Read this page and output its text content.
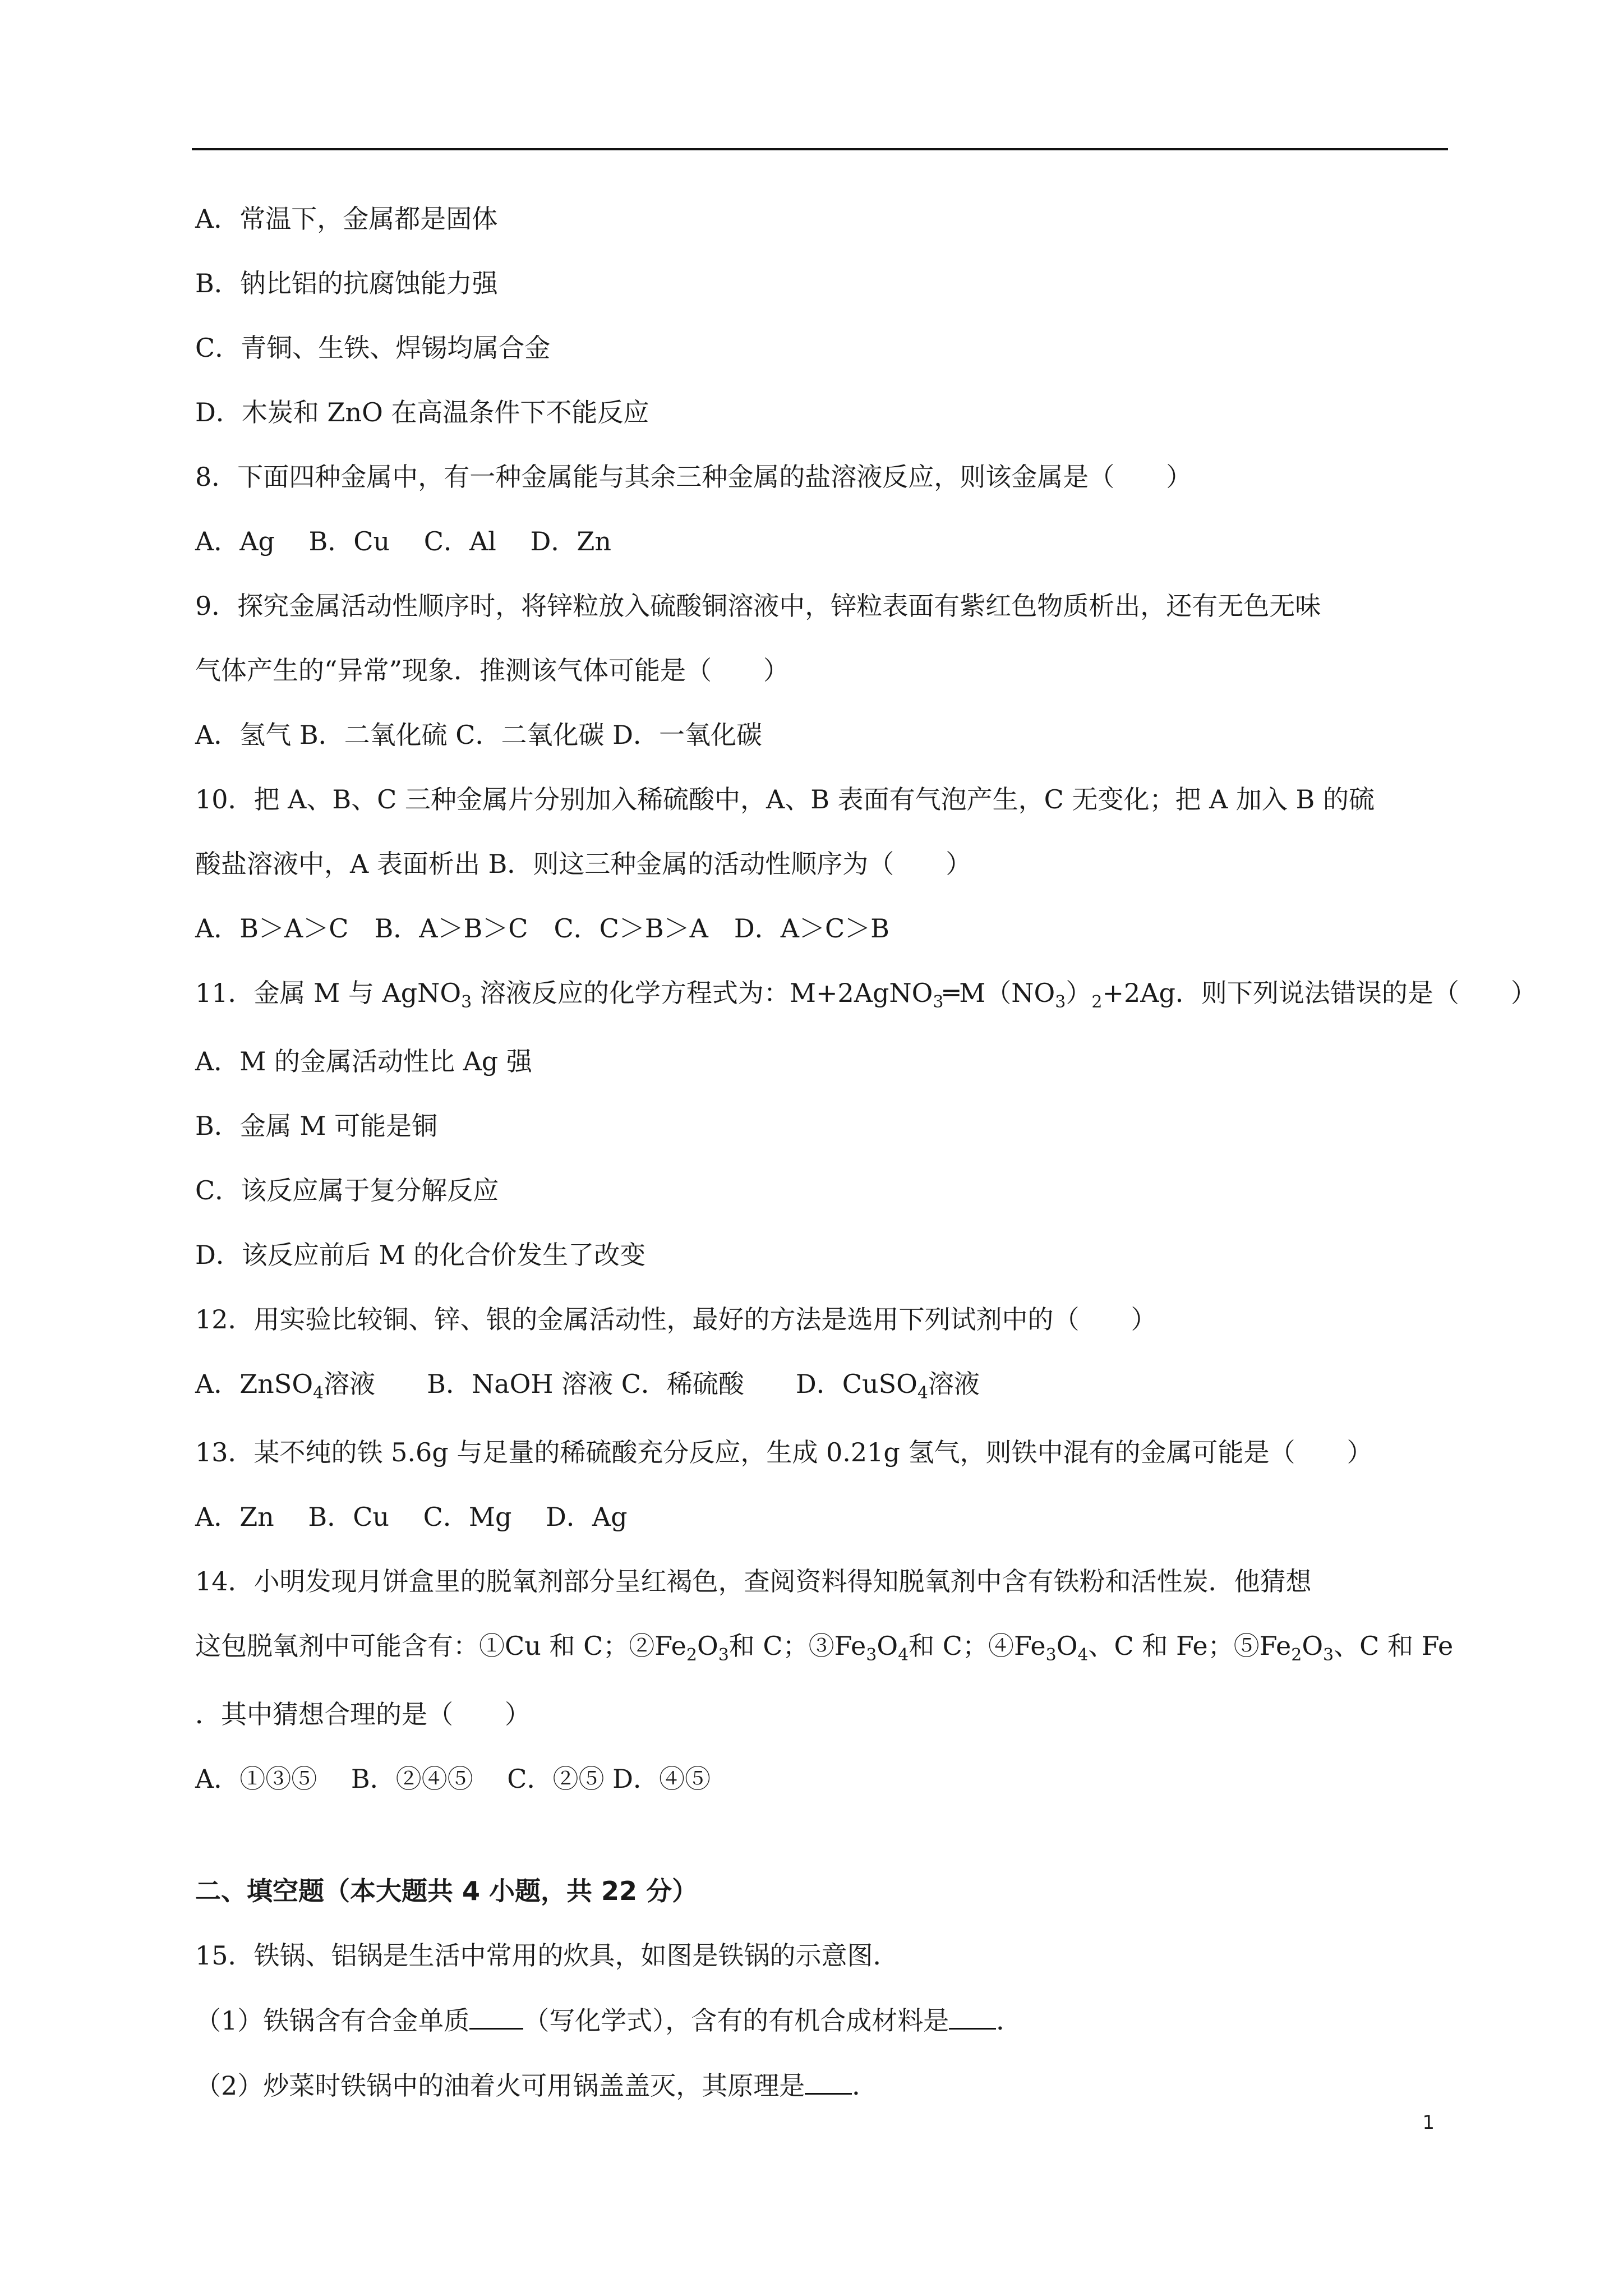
A．常温下，金属都是固体
B．钠比铝的抗腐蚀能力强
C．青铜、生铁、焊锡均属合金
D．木炭和 ZnO 在高温条件下不能反应
8．下面四种金属中，有一种金属能与其余三种金属的盐溶液反应，则该金属是（　　）
A．Ag　 B．Cu　 C．Al　 D．Zn
9．探究金属活动性顺序时，将锌粒放入硫酸铜溶液中，锌粒表面有紫红色物质析出，还有无色无味
气体产生的“异常”现象．推测该气体可能是（　　）
A．氢气 B．二氧化硫 C．二氧化碳 D．一氧化碳
10．把 A、B、C 三种金属片分别加入稀硫酸中，A、B 表面有气泡产生，C 无变化；把 A 加入 B 的硫
酸盐溶液中，A 表面析出 B．则这三种金属的活动性顺序为（　　）
A．B＞A＞C　B．A＞B＞C　C．C＞B＞A　D．A＞C＞B
11．金属 M 与 AgNO$_3$ 溶液反应的化学方程式为：$M+2AgNO_3═M(NO_3)_2+2Ag$．则下列说法错误的是（　　）
A．M 的金属活动性比 Ag 强
B．金属 M 可能是铜
C．该反应属于复分解反应
D．该反应前后 M 的化合价发生了改变
12．用实验比较铜、锌、银的金属活动性，最好的方法是选用下列试剂中的（　　）
A．ZnSO$_4$溶液　　B．NaOH 溶液 C．稀硫酸　　D．CuSO$_4$溶液
13．某不纯的铁 5.6g 与足量的稀硫酸充分反应，生成 0.21g 氢气，则铁中混有的金属可能是（　　）
A．Zn　 B．Cu　 C．Mg　 D．Ag
14．小明发现月饼盒里的脱氧剂部分呈红褐色，查阅资料得知脱氧剂中含有铁粉和活性炭．他猜想
这包脱氧剂中可能含有：①Cu 和 C；$②Fe_2O_3$和 C；$③Fe_3O_4$和 C；$④Fe_3O_4$、C 和 Fe；$⑤Fe_2O_3$、C 和 Fe
．其中猜想合理的是（　　）
A．①③⑤　 B．②④⑤　 C．②⑤ D．④⑤
二、填空题（本大题共 4 小题，共 22 分）
15．铁锅、铝锅是生活中常用的炊具，如图是铁锅的示意图．
（1）铁锅含有合金单质 （写化学式），含有的有机合成材料是 ．
（2）炒菜时铁锅中的油着火可用锅盖盖灭，其原理是 ．
1
